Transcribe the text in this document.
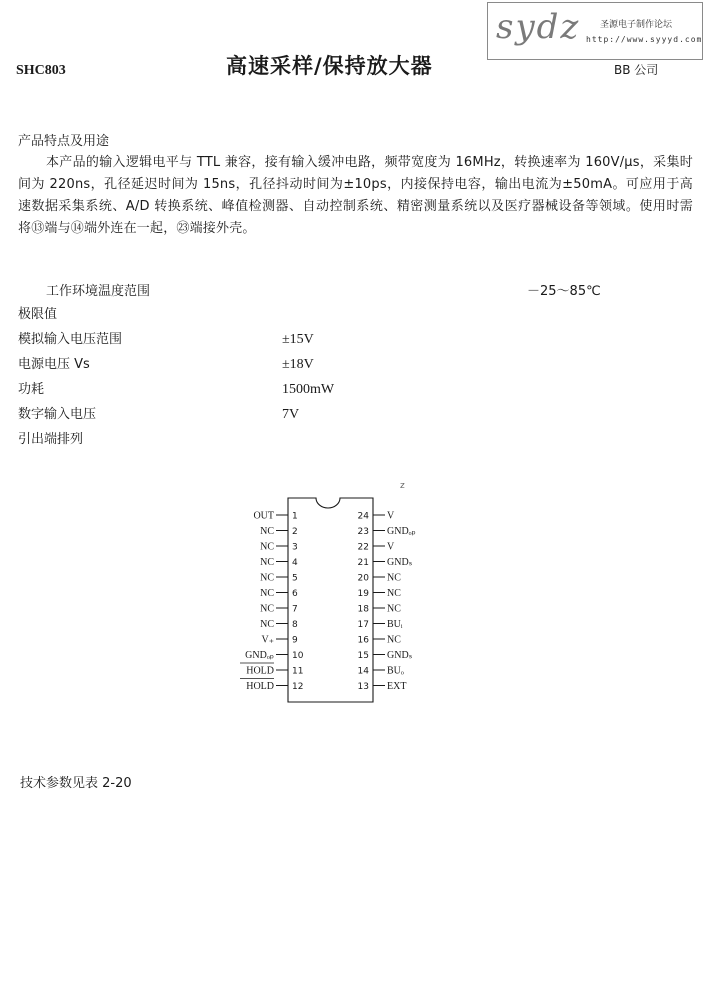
sydz 圣源电子制作论坛
http://www.syyyd.com
SHC803	高速采样/保持放大器	BB 公司
产品特点及用途
本产品的输入逻辑电平与 TTL 兼容，接有输入缓冲电路，频带宽度为 16MHz，转换速率为 160V/μs，采集时间为 220ns，孔径延迟时间为 15ns，孔径抖动时间为±10ps，内接保持电容，输出电流为±50mA。可应用于高速数据采集系统、A/D 转换系统、峰值检测器、自动控制系统、精密测量系统以及医疗器械设备等领域。使用时需将⑬端与⑭端外连在一起，㉓端接外壳。
工作环境温度范围	－25～85℃
极限值
模拟输入电压范围	±15V
电源电压 Vs	±18V
功耗	1500mW
数字输入电压	7V
引出端排列
z
OUT 1
NC 2
NC 3
NC 4
NC 5
NC 6
NC 7
NC 8
V₊ 9
GNDₒₚ 10
HOLD 11
HOLD 12
24 V
23 GNDₒₚ
22 V
21 GNDₛ
20 NC
19 NC
18 NC
17 BUᵢ
16 NC
15 GNDₛ
14 BUₒ
13 EXT
技术参数见表 2-20
